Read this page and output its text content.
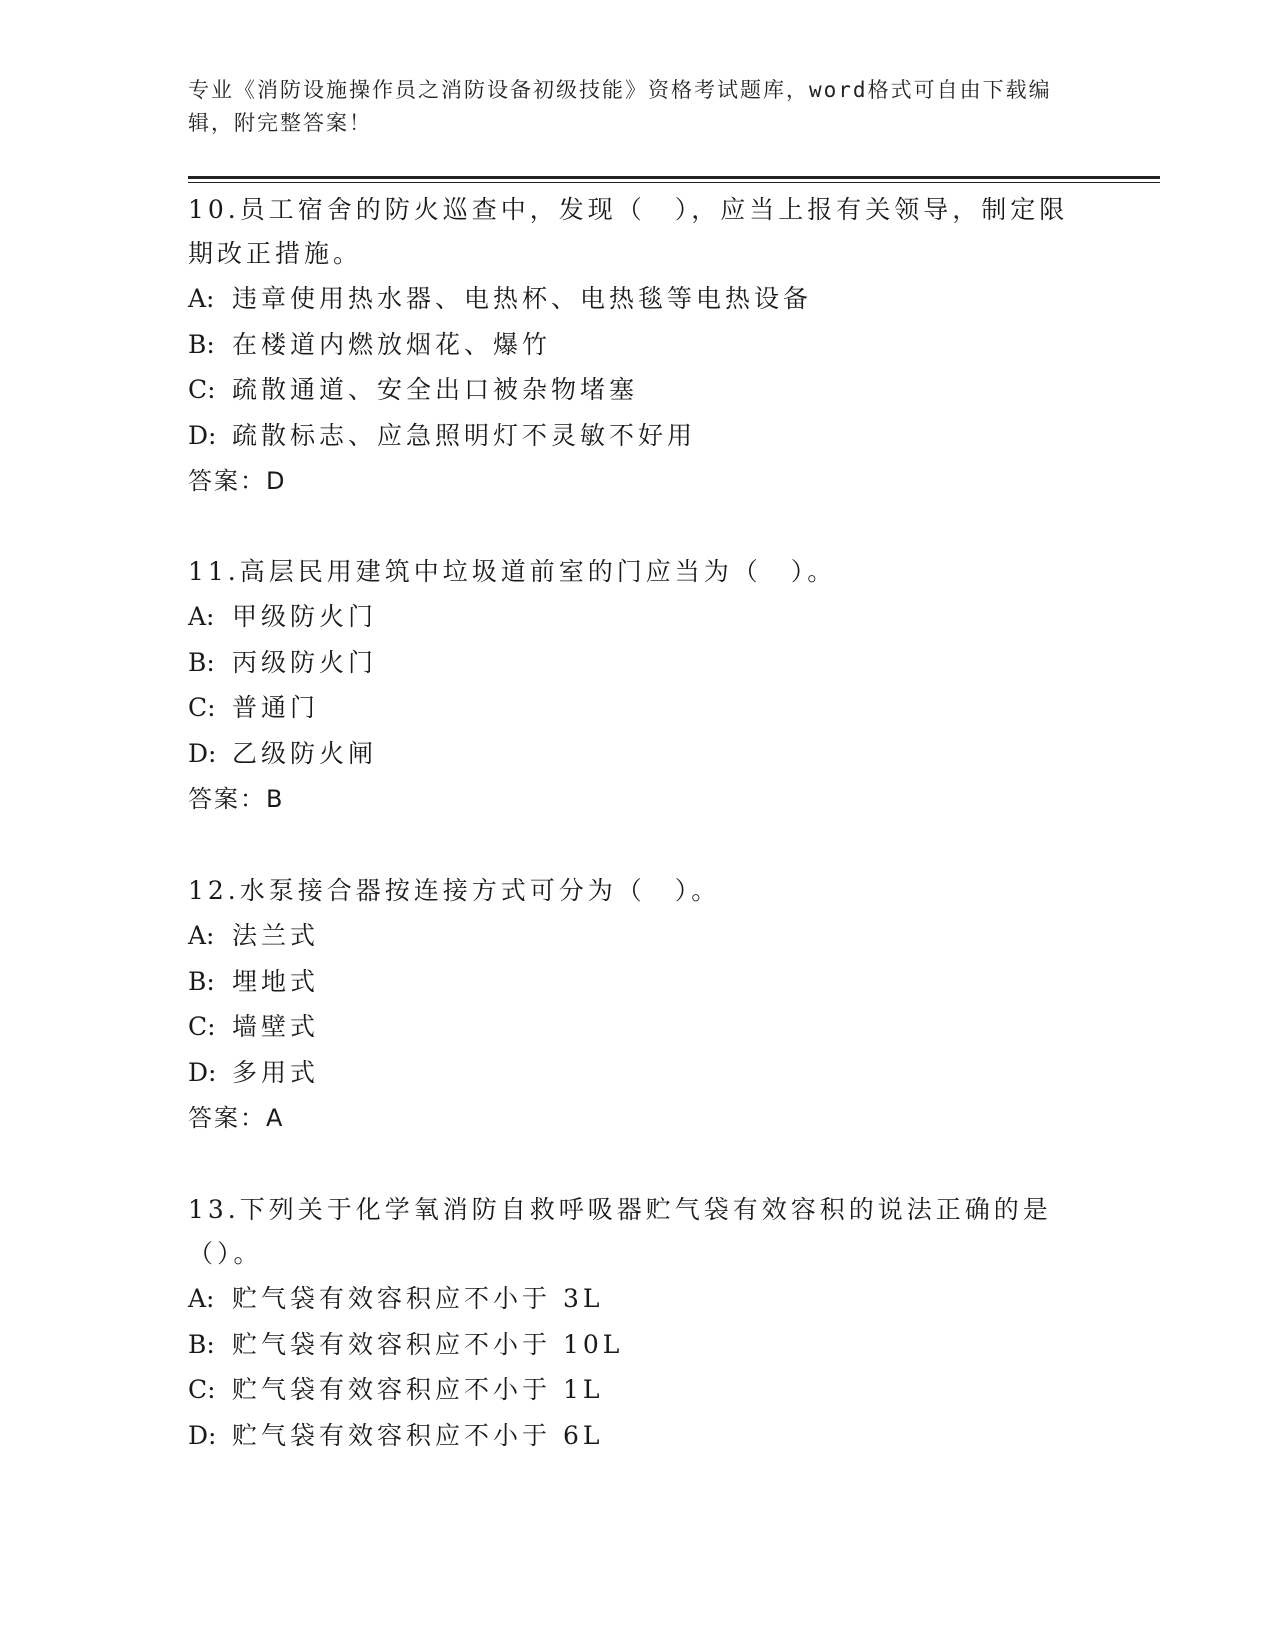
专业《消防设施操作员之消防设备初级技能》资格考试题库，word格式可自由下载编辑，附完整答案！

10.员工宿舍的防火巡查中，发现（　），应当上报有关领导，制定限期改正措施。

A: 违章使用热水器、电热杯、电热毯等电热设备

B: 在楼道内燃放烟花、爆竹

C: 疏散通道、安全出口被杂物堵塞

D: 疏散标志、应急照明灯不灵敏不好用

答案：D

11.高层民用建筑中垃圾道前室的门应当为（　）。

A: 甲级防火门

B: 丙级防火门

C: 普通门

D: 乙级防火闸

答案：B

12.水泵接合器按连接方式可分为（　）。

A: 法兰式

B: 埋地式

C: 墙壁式

D: 多用式

答案：A

13.下列关于化学氧消防自救呼吸器贮气袋有效容积的说法正确的是（）。

A: 贮气袋有效容积应不小于 3L

B: 贮气袋有效容积应不小于 10L

C: 贮气袋有效容积应不小于 1L

D: 贮气袋有效容积应不小于 6L
